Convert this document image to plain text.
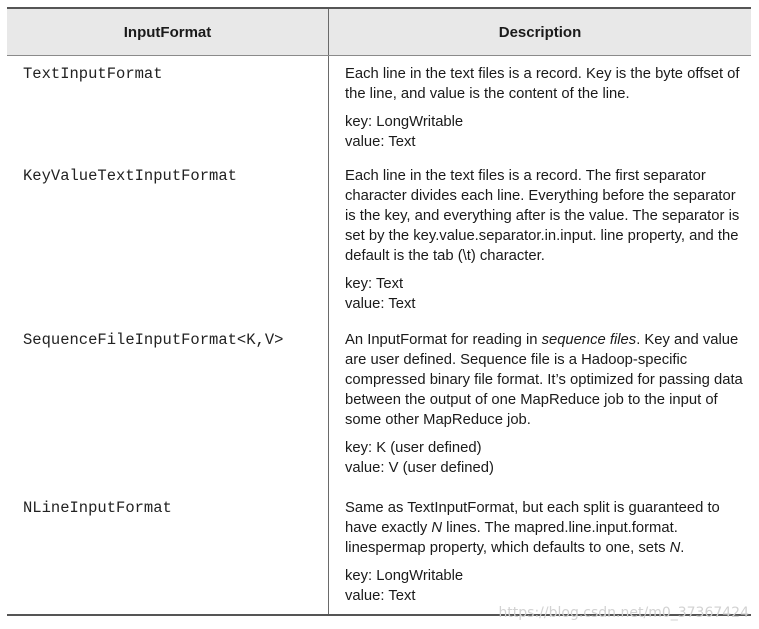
InputFormat	Description
TextInputFormat	Each line in the text files is a record. Key is the byte offset of the line, and value is the content of the line.
key: LongWritable
value: Text
KeyValueTextInputFormat	Each line in the text files is a record. The first separator character divides each line. Everything before the separator is the key, and everything after is the value. The separator is set by the key.value.separator.in.input. line property, and the default is the tab (\t) character.
key: Text
value: Text
SequenceFileInputFormat<K,V>	An InputFormat for reading in sequence files. Key and value are user defined. Sequence file is a Hadoop-specific compressed binary file format. It’s optimized for passing data between the output of one MapReduce job to the input of some other MapReduce job.
key: K (user defined)
value: V (user defined)
NLineInputFormat	Same as TextInputFormat, but each split is guaranteed to have exactly N lines. The mapred.line.input.format. linespermap property, which defaults to one, sets N.
key: LongWritable
value: Text
https://blog.csdn.net/m0_37367424
